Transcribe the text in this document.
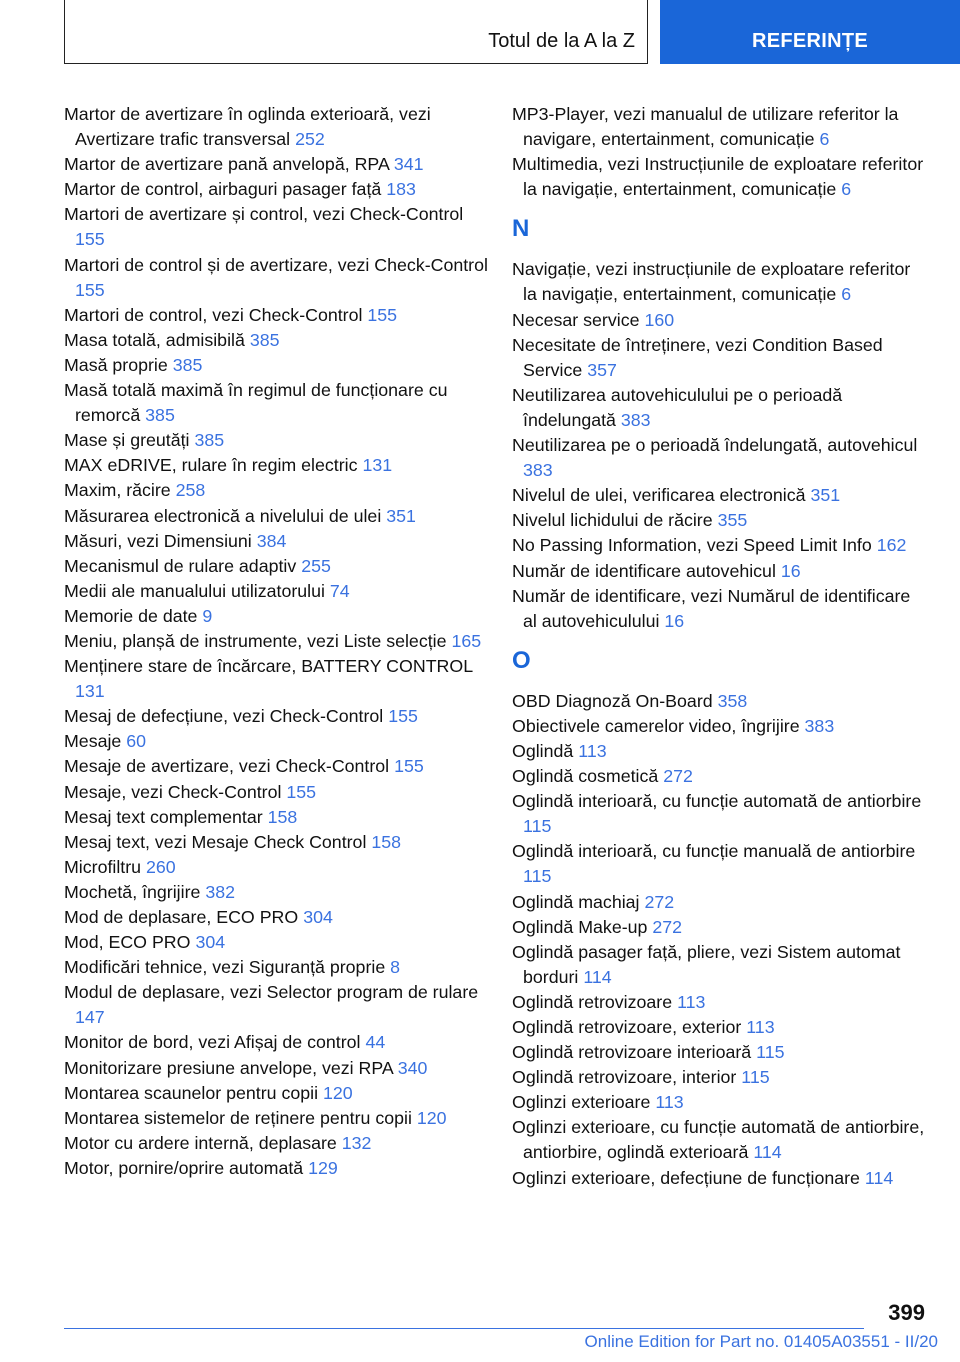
Totul de la A la Z	REFERINȚE
Martor de avertizare în oglinda exterioară, vezi Avertizare trafic transversal 252
Martor de avertizare pană anvelopă, RPA 341
Martor de control, airbaguri pasager față 183
Martori de avertizare și control, vezi Check-Control 155
Martori de control și de avertizare, vezi Check-Control 155
Martori de control, vezi Check-Control 155
Masa totală, admisibilă 385
Masă proprie 385
Masă totală maximă în regimul de funcționare cu remorcă 385
Mase și greutăți 385
MAX eDRIVE, rulare în regim electric 131
Maxim, răcire 258
Măsurarea electronică a nivelului de ulei 351
Măsuri, vezi Dimensiuni 384
Mecanismul de rulare adaptiv 255
Medii ale manualului utilizatorului 74
Memorie de date 9
Meniu, planșă de instrumente, vezi Liste selecție 165
Menținere stare de încărcare, BATTERY CONTROL 131
Mesaj de defecțiune, vezi Check-Control 155
Mesaje 60
Mesaje de avertizare, vezi Check-Control 155
Mesaje, vezi Check-Control 155
Mesaj text complementar 158
Mesaj text, vezi Mesaje Check Control 158
Microfiltru 260
Mochetă, îngrijire 382
Mod de deplasare, ECO PRO 304
Mod, ECO PRO 304
Modificări tehnice, vezi Siguranță proprie 8
Modul de deplasare, vezi Selector program de rulare 147
Monitor de bord, vezi Afișaj de control 44
Monitorizare presiune anvelope, vezi RPA 340
Montarea scaunelor pentru copii 120
Montarea sistemelor de reținere pentru copii 120
Motor cu ardere internă, deplasare 132
Motor, pornire/oprire automată 129
MP3-Player, vezi manualul de utilizare referitor la navigare, entertainment, comunicație 6
Multimedia, vezi Instrucțiunile de exploatare referitor la navigație, entertainment, comunicație 6
N
Navigație, vezi instrucțiunile de exploatare referitor la navigație, entertainment, comunicație 6
Necesar service 160
Necesitate de întreținere, vezi Condition Based Service 357
Neutilizarea autovehiculului pe o perioadă îndelungată 383
Neutilizarea pe o perioadă îndelungată, autovehicul 383
Nivelul de ulei, verificarea electronică 351
Nivelul lichidului de răcire 355
No Passing Information, vezi Speed Limit Info 162
Număr de identificare autovehicul 16
Număr de identificare, vezi Numărul de identificare al autovehiculului 16
O
OBD Diagnoză On-Board 358
Obiectivele camerelor video, îngrijire 383
Oglindă 113
Oglindă cosmetică 272
Oglindă interioară, cu funcție automată de antiorbire 115
Oglindă interioară, cu funcție manuală de antiorbire 115
Oglindă machiaj 272
Oglindă Make-up 272
Oglindă pasager față, pliere, vezi Sistem automat borduri 114
Oglindă retrovizoare 113
Oglindă retrovizoare, exterior 113
Oglindă retrovizoare interioară 115
Oglindă retrovizoare, interior 115
Oglinzi exterioare 113
Oglinzi exterioare, cu funcție automată de antiorbire, antiorbire, oglindă exterioară 114
Oglinzi exterioare, defecțiune de funcționare 114
399
Online Edition for Part no. 01405A03551 - II/20
